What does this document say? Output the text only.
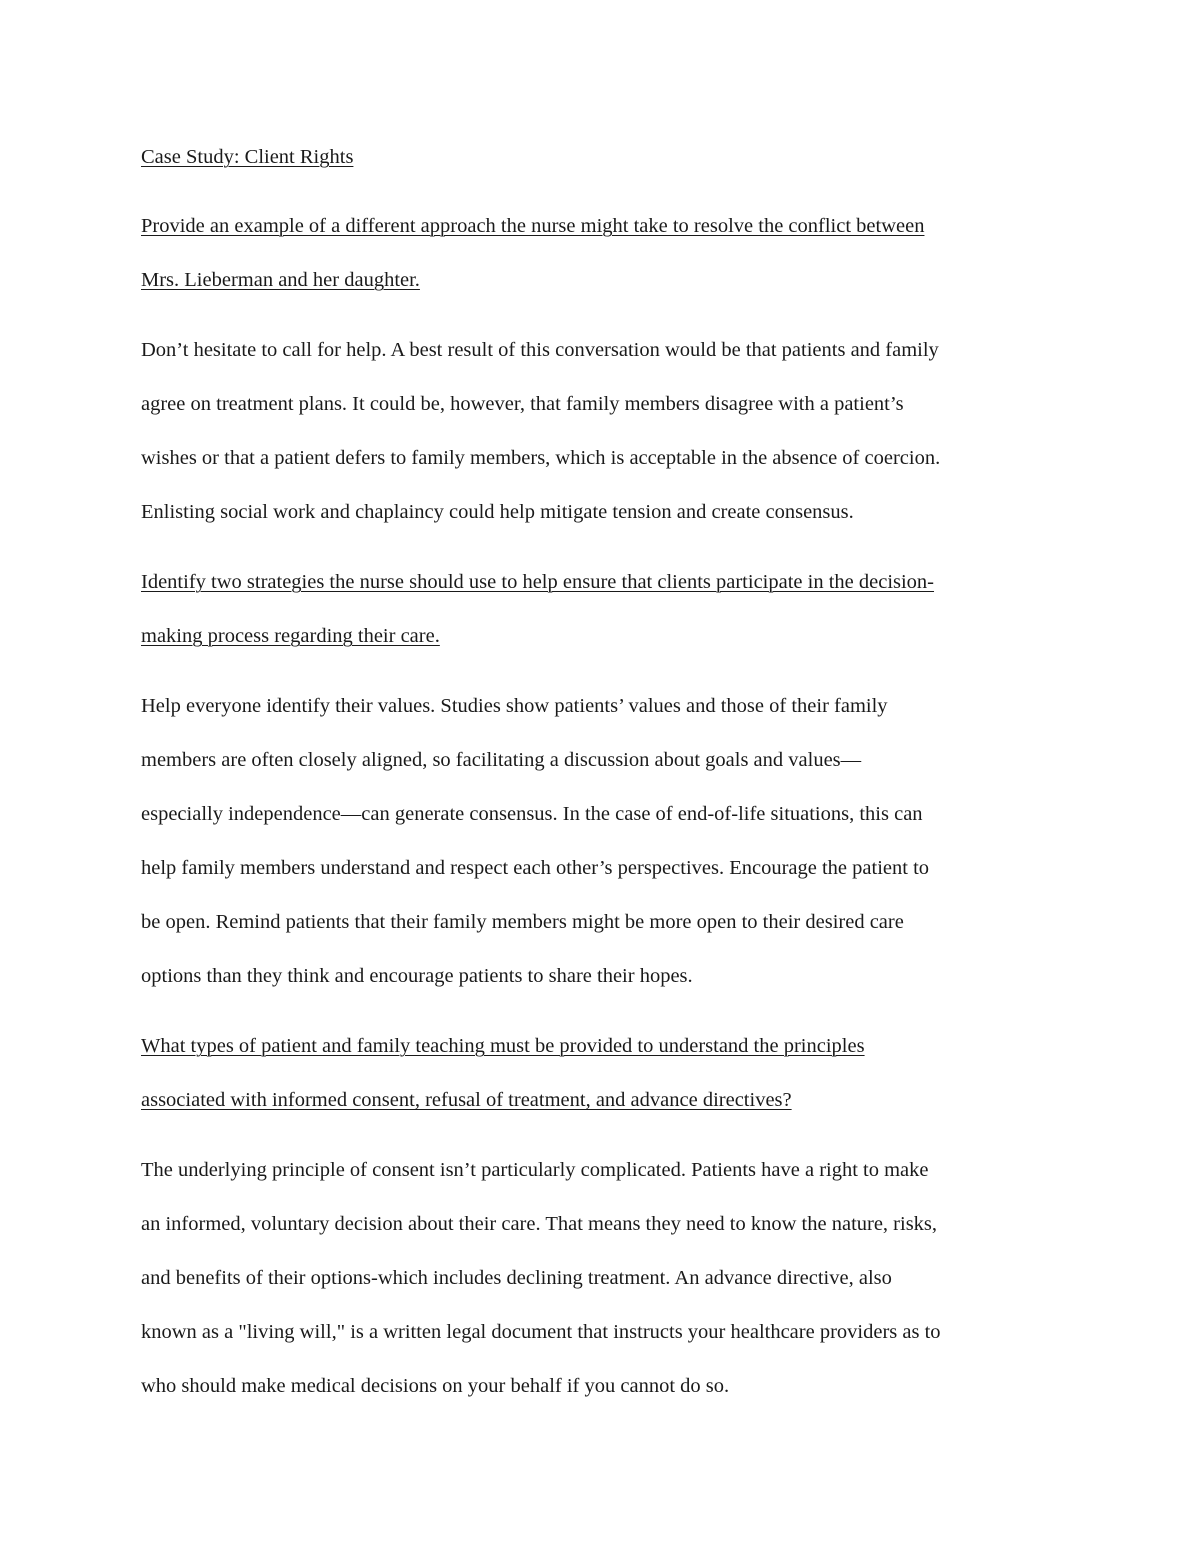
Case Study: Client Rights

Provide an example of a different approach the nurse might take to resolve the conflict between

Mrs. Lieberman and her daughter.

Don’t hesitate to call for help. A best result of this conversation would be that patients and family

agree on treatment plans. It could be, however, that family members disagree with a patient’s

wishes or that a patient defers to family members, which is acceptable in the absence of coercion.

Enlisting social work and chaplaincy could help mitigate tension and create consensus.

Identify two strategies the nurse should use to help ensure that clients participate in the decision-

making process regarding their care.

Help everyone identify their values. Studies show patients’ values and those of their family

members are often closely aligned, so facilitating a discussion about goals and values—

especially independence—can generate consensus. In the case of end-of-life situations, this can

help family members understand and respect each other’s perspectives. Encourage the patient to

be open. Remind patients that their family members might be more open to their desired care

options than they think and encourage patients to share their hopes.

What types of patient and family teaching must be provided to understand the principles

associated with informed consent, refusal of treatment, and advance directives?

The underlying principle of consent isn’t particularly complicated. Patients have a right to make

an informed, voluntary decision about their care. That means they need to know the nature, risks,

and benefits of their options-which includes declining treatment. An advance directive, also

known as a "living will," is a written legal document that instructs your healthcare providers as to

who should make medical decisions on your behalf if you cannot do so.
